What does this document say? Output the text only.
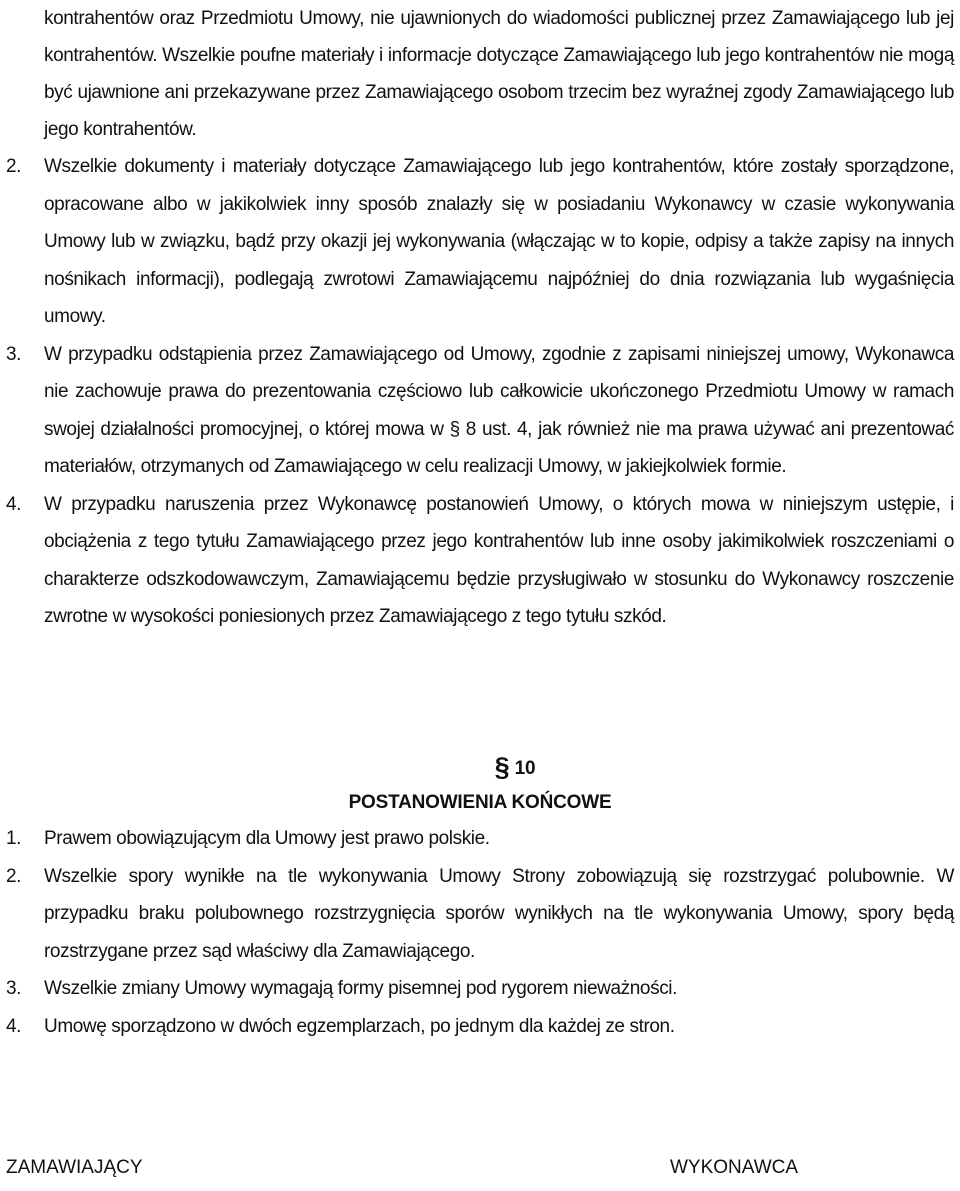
kontrahentów oraz Przedmiotu Umowy, nie ujawnionych do wiadomości publicznej przez Zamawiającego lub jej kontrahentów. Wszelkie poufne materiały i informacje dotyczące Zamawiającego lub jego kontrahentów nie mogą być ujawnione ani przekazywane przez Zamawiającego osobom trzecim bez wyraźnej zgody Zamawiającego lub jego kontrahentów.
2. Wszelkie dokumenty i materiały dotyczące Zamawiającego lub jego kontrahentów, które zostały sporządzone, opracowane albo w jakikolwiek inny sposób znalazły się w posiadaniu Wykonawcy w czasie wykonywania Umowy lub w związku, bądź przy okazji jej wykonywania (włączając w to kopie, odpisy a także zapisy na innych nośnikach informacji), podlegają zwrotowi Zamawiającemu najpóźniej do dnia rozwiązania lub wygaśnięcia umowy.
3. W przypadku odstąpienia przez Zamawiającego od Umowy, zgodnie z zapisami niniejszej umowy, Wykonawca nie zachowuje prawa do prezentowania częściowo lub całkowicie ukończonego Przedmiotu Umowy w ramach swojej działalności promocyjnej, o której mowa w § 8 ust. 4, jak również nie ma prawa używać ani prezentować materiałów, otrzymanych od Zamawiającego w celu realizacji Umowy, w jakiejkolwiek formie.
4. W przypadku naruszenia przez Wykonawcę postanowień Umowy, o których mowa w niniejszym ustępie, i obciążenia z tego tytułu Zamawiającego przez jego kontrahentów lub inne osoby jakimikolwiek roszczeniami o charakterze odszkodowawczym, Zamawiającemu będzie przysługiwało w stosunku do Wykonawcy roszczenie zwrotne w wysokości poniesionych przez Zamawiającego z tego tytułu szkód.
§ 10
POSTANOWIENIA KOŃCOWE
1. Prawem obowiązującym dla Umowy jest prawo polskie.
2. Wszelkie spory wynikłe na tle wykonywania Umowy Strony zobowiązują się rozstrzygać polubownie. W przypadku braku polubownego rozstrzygnięcia sporów wynikłych na tle wykonywania Umowy, spory będą rozstrzygane przez sąd właściwy dla Zamawiającego.
3. Wszelkie zmiany Umowy wymagają formy pisemnej pod rygorem nieważności.
4. Umowę sporządzono w dwóch egzemplarzach, po jednym dla każdej ze stron.
ZAMAWIAJĄCY	WYKONAWCA
